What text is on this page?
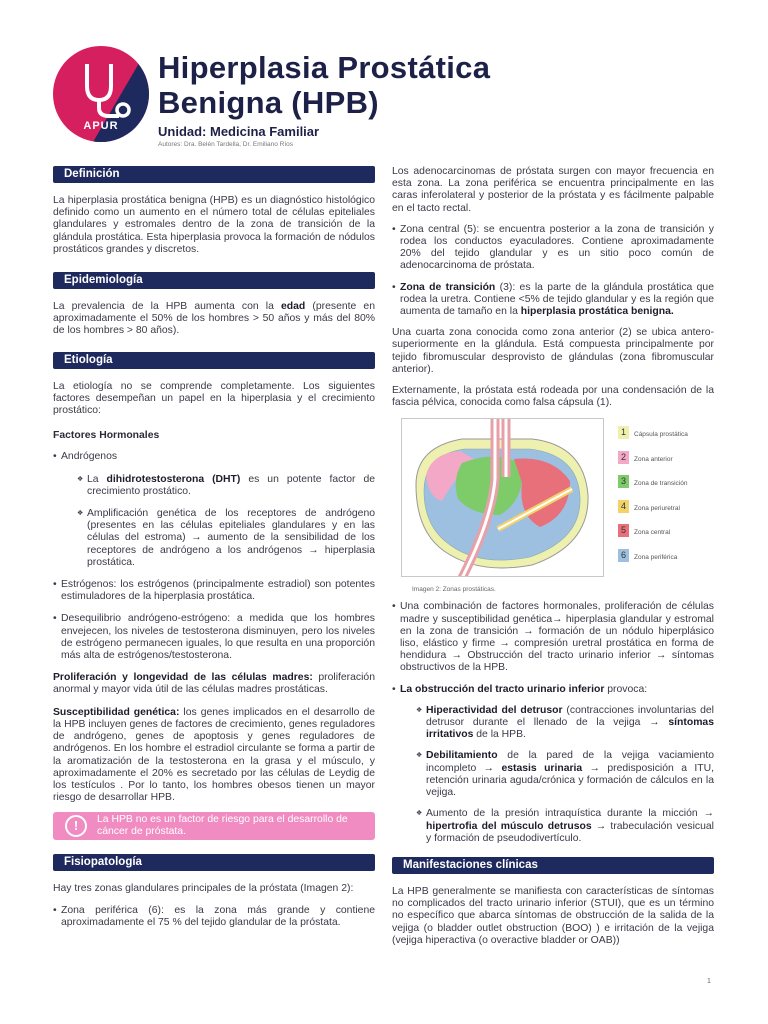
APUR
Hiperplasia Prostática
Benigna (HPB)
Unidad: Medicina Familiar
Autores: Dra. Belén Tardella, Dr. Emiliano Ríos
Definición

La hiperplasia prostática benigna (HPB) es un diagnóstico histológico definido como un aumento en el número total de células epiteliales glandulares y estromales dentro de la zona de transición de la glándula prostática. Esta hiperplasia provoca la formación de nódulos prostáticos grandes y discretos.

Epidemiología

La prevalencia de la HPB aumenta con la edad (presente en aproximadamente el 50% de los hombres > 50 años y más del 80% de los hombres > 80 años).

Etiología

La etiología no se comprende completamente. Los siguientes factores desempeñan un papel en la hiperplasia y el crecimiento prostático:

Factores Hormonales
• Andrógenos
❖ La dihidrotestosterona (DHT) es un potente factor de crecimiento prostático.
❖ Amplificación genética de los receptores de andrógeno (presentes en las células epiteliales glandulares y en las células del estroma) → aumento de la sensibilidad de los receptores de andrógeno a los andrógenos → hiperplasia prostática.
• Estrógenos: los estrógenos (principalmente estradiol) son potentes estimuladores de la hiperplasia prostática.
• Desequilibrio andrógeno-estrógeno: a medida que los hombres envejecen, los niveles de testosterona disminuyen, pero los niveles de estrógeno permanecen iguales, lo que resulta en una proporción más alta de estrógenos/testosterona.

Proliferación y longevidad de las células madres: proliferación anormal y mayor vida útil de las células madres prostáticas.

Susceptibilidad genética: los genes implicados en el desarrollo de la HPB incluyen genes de factores de crecimiento, genes reguladores de andrógeno, genes de apoptosis y genes reguladores de andrógenos. En los hombre el estradiol circulante se forma a partir de la aromatización de la testosterona en la grasa y el músculo, y aproximadamente el 20% es secretado por las células de Leydig de los testículos . Por lo tanto, los hombres obesos tienen un mayor riesgo de desarrollar HPB.

!	La HPB no es un factor de riesgo para el desarrollo de cáncer de próstata.
Fisiopatología

Hay tres zonas glandulares principales de la próstata (Imagen 2):

• Zona periférica (6): es la zona más grande y contiene aproximadamente el 75 % del tejido glandular de la próstata.

Los adenocarcinomas de próstata surgen con mayor frecuencia en esta zona. La zona periférica se encuentra principalmente en las caras inferolateral y posterior de la próstata y es fácilmente palpable en el tacto rectal.

• Zona central (5): se encuentra posterior a la zona de transición y rodea los conductos eyaculadores. Contiene aproximadamente 20% del tejido glandular y es un sitio poco común de adenocarcinoma de próstata.
• Zona de transición (3): es la parte de la glándula prostática que rodea la uretra. Contiene <5% de tejido glandular y es la región que aumenta de tamaño en la hiperplasia prostática benigna.

Una cuarta zona conocida como zona anterior (2) se ubica antero-superiormente en la glándula. Está compuesta principalmente por tejido fibromuscular desprovisto de glándulas (zona fibromuscular anterior).

Externamente, la próstata está rodeada por una condensación de la fascia pélvica, conocida como falsa cápsula (1).

1	Cápsula prostática
2	Zona anterior
3	Zona de transición
4	Zona periuretral
5	Zona central
6	Zona periférica
Imagen 2: Zonas prostáticas.
• Una combinación de factores hormonales, proliferación de células madre y susceptibilidad genética→ hiperplasia glandular y estromal en la zona de transición → formación de un nódulo hiperplásico liso, elástico y firme → compresión uretral prostática en forma de hendidura → Obstrucción del tracto urinario inferior → síntomas obstructivos de la HPB.
• La obstrucción del tracto urinario inferior provoca:
❖ Hiperactividad del detrusor (contracciones involuntarias del detrusor durante el llenado de la vejiga → síntomas irritativos de la HPB.
❖ Debilitamiento de la pared de la vejiga vaciamiento incompleto → estasis urinaria → predisposición a ITU, retención urinaria aguda/crónica y formación de cálculos en la vejiga.
❖ Aumento de la presión intraquística durante la micción → hipertrofia del músculo detrusos → trabeculación vesicual y formación de pseudodivertículo.
Manifestaciones clínicas

La HPB generalmente se manifiesta con características de síntomas no complicados del tracto urinario inferior (STUI), que es un término no específico que abarca síntomas de obstrucción de la salida de la vejiga (o bladder outlet obstruction (BOO) ) e irritación de la vejiga (vejiga hiperactiva (o overactive bladder or OAB))

1
